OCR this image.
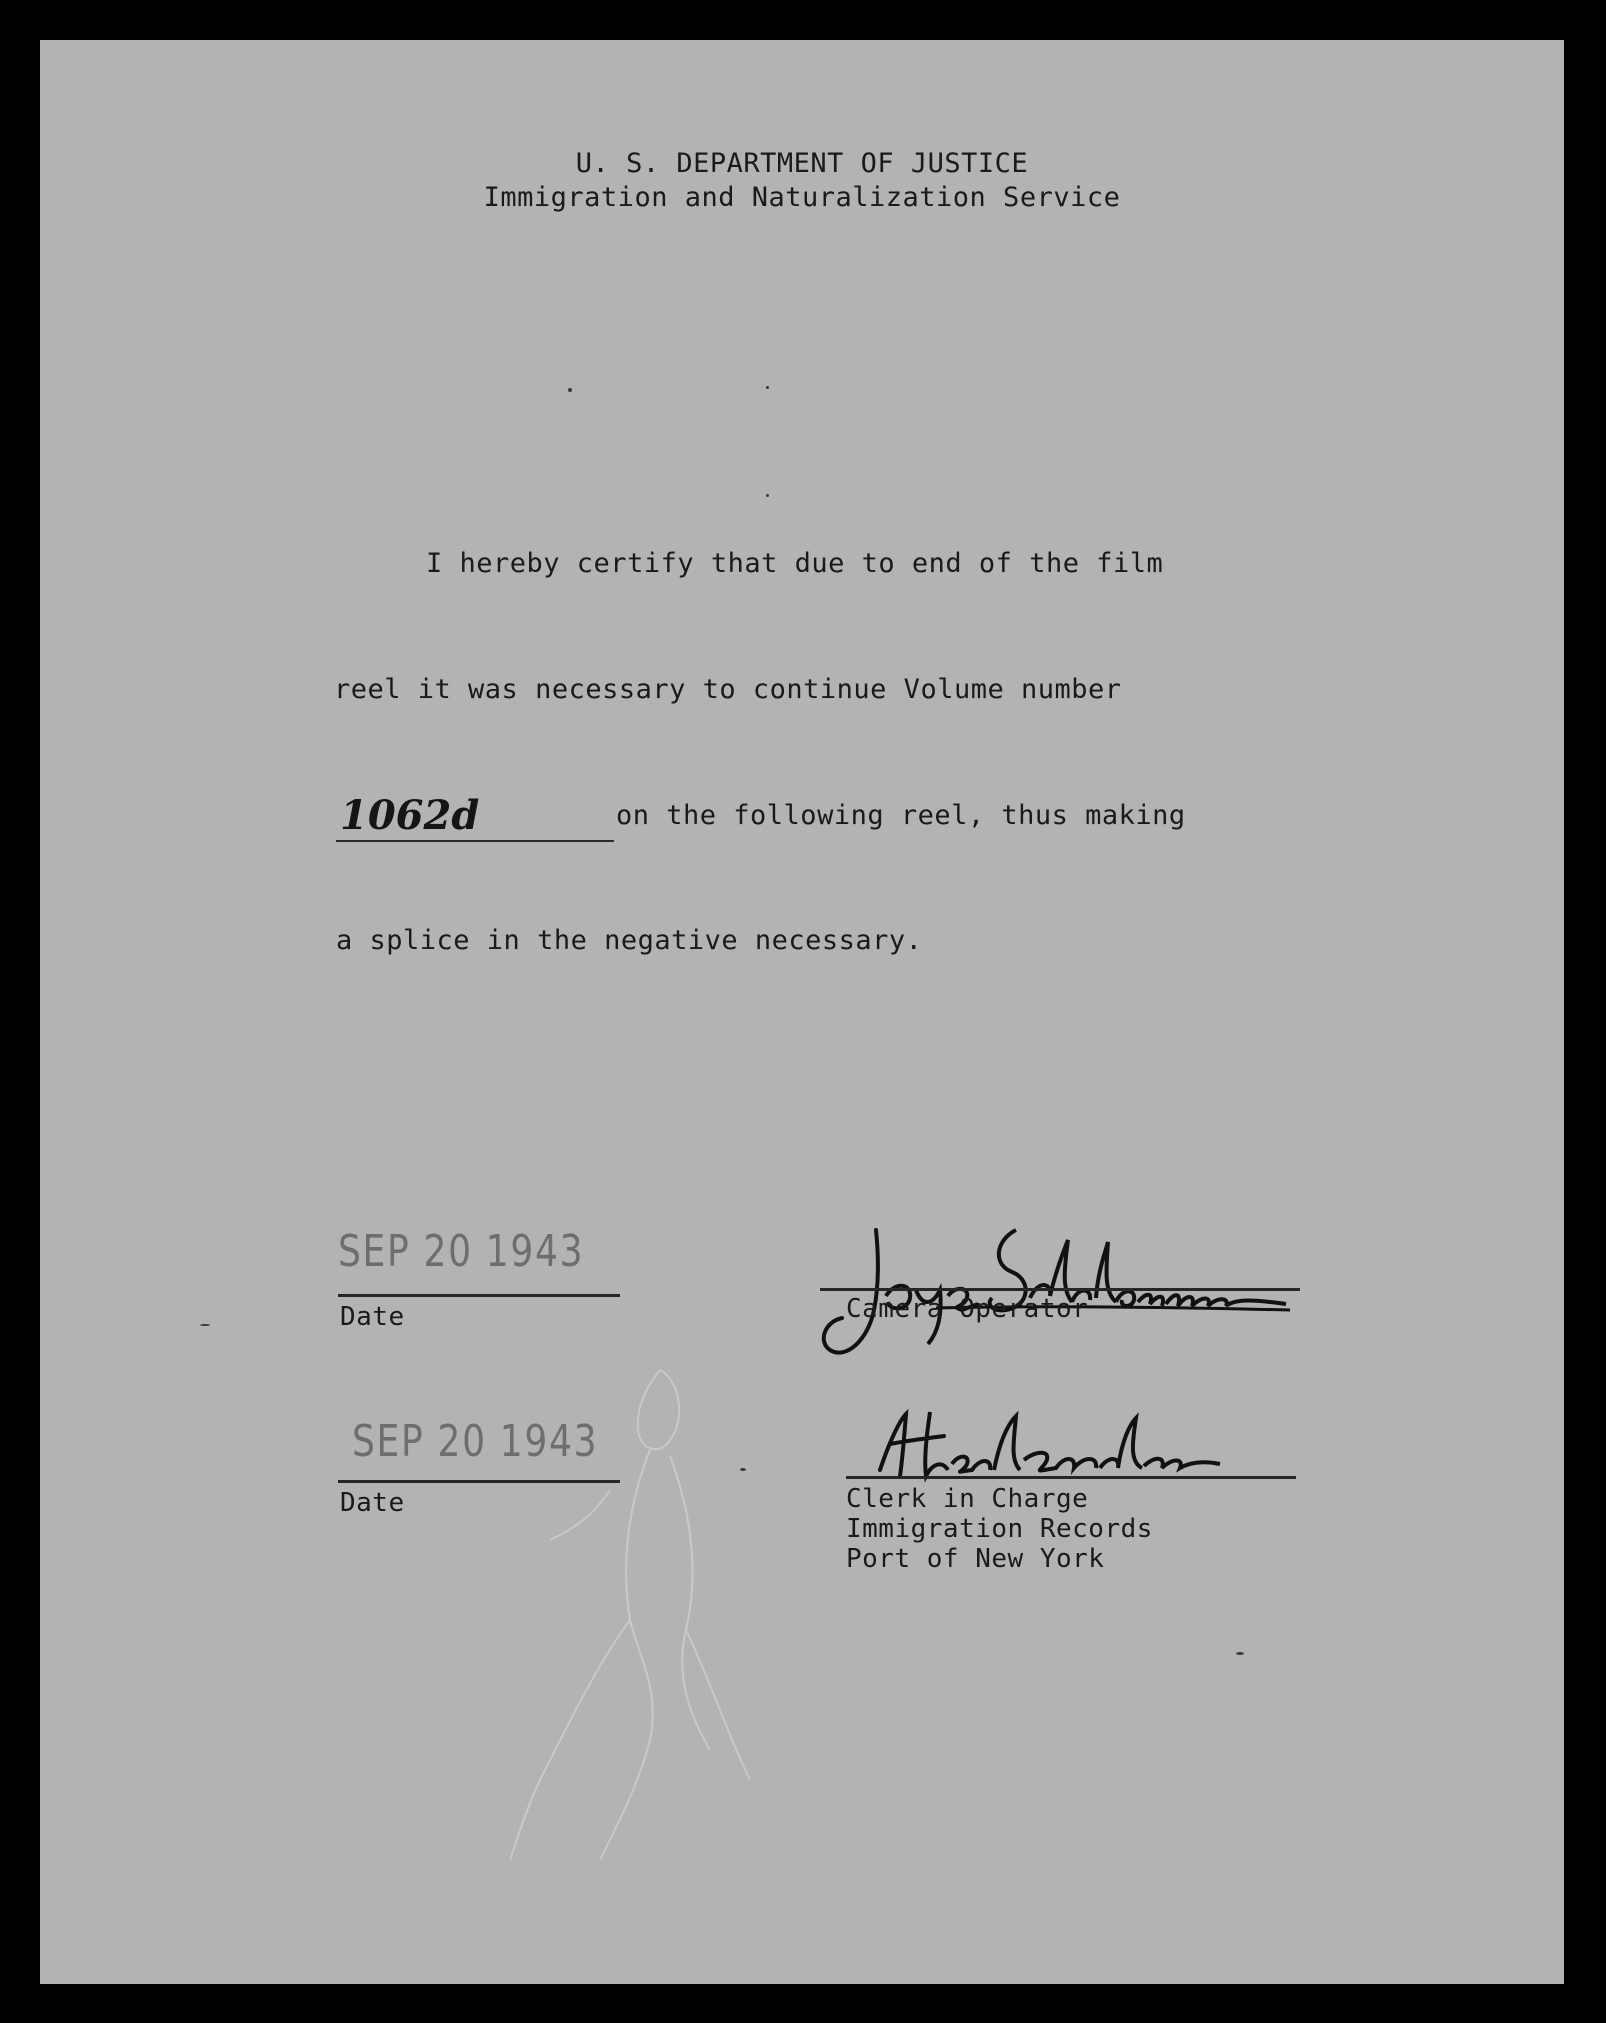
U. S. DEPARTMENT OF JUSTICE
Immigration and Naturalization Service
I hereby certify that due to end of the film
reel it was necessary to continue Volume number
1062d	on the following reel, thus making
a splice in the negative necessary.
SEP 20 1943
Date	Camera Operator
SEP 20 1943
Date	Clerk in Charge
Immigration Records
Port of New York
